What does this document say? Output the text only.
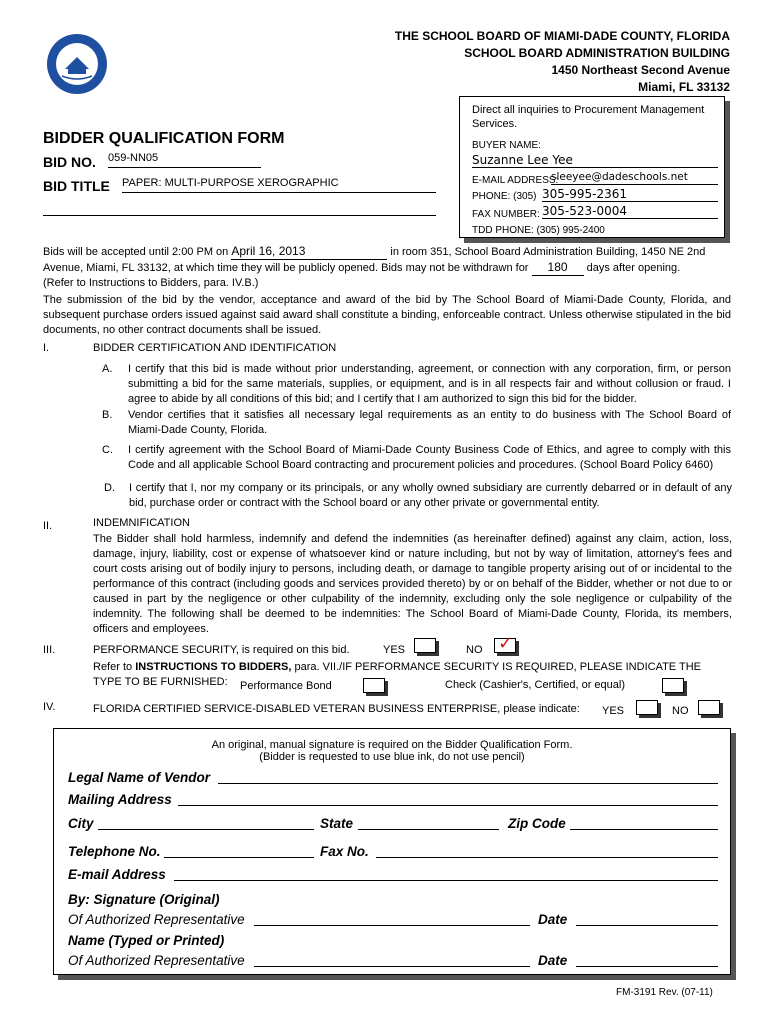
THE SCHOOL BOARD OF MIAMI-DADE COUNTY, FLORIDA
SCHOOL BOARD ADMINISTRATION BUILDING
1450 Northeast Second Avenue
Miami, FL 33132
BIDDER QUALIFICATION FORM
BID NO. 059-NN05
BID TITLE PAPER: MULTI-PURPOSE XEROGRAPHIC
Direct all inquiries to Procurement Management Services.
BUYER NAME:
Suzanne Lee Yee
E-MAIL ADDRESS:
sleeyee@dadeschools.net
PHONE: (305) 305-995-2361
FAX NUMBER: 305-523-0004
TDD PHONE: (305) 995-2400
Bids will be accepted until 2:00 PM on April 16, 2013	in room 351, School Board Administration Building, 1450 NE 2nd
Avenue, Miami, FL 33132, at which time they will be publicly opened. Bids may not be withdrawn for 180 days after opening.
(Refer to Instructions to Bidders, para. IV.B.)
The submission of the bid by the vendor, acceptance and award of the bid by The School Board of Miami-Dade County, Florida, and subsequent purchase orders issued against said award shall constitute a binding, enforceable contract. Unless otherwise stipulated in the bid documents, no other contract documents shall be issued.
I.	BIDDER CERTIFICATION AND IDENTIFICATION
A. I certify that this bid is made without prior understanding, agreement, or connection with any corporation, firm, or person submitting a bid for the same materials, supplies, or equipment, and is in all respects fair and without collusion or fraud. I agree to abide by all conditions of this bid; and I certify that I am authorized to sign this bid for the bidder.
B. Vendor certifies that it satisfies all necessary legal requirements as an entity to do business with The School Board of Miami-Dade County, Florida.
C. I certify agreement with the School Board of Miami-Dade County Business Code of Ethics, and agree to comply with this Code and all applicable School Board contracting and procurement policies and procedures. (School Board Policy 6460)
D. I certify that I, nor my company or its principals, or any wholly owned subsidiary are currently debarred or in default of any bid, purchase order or contract with the School board or any other private or governmental entity.
II.	INDEMNIFICATION
The Bidder shall hold harmless, indemnify and defend the indemnities (as hereinafter defined) against any claim, action, loss, damage, injury, liability, cost or expense of whatsoever kind or nature including, but not by way of limitation, attorney's fees and court costs arising out of bodily injury to persons, including death, or damage to tangible property arising out of or incidental to the performance of this contract (including goods and services provided thereto) by or on behalf of the Bidder, whether or not due to or caused in part by the negligence or other culpability of the indemnity, excluding only the sole negligence or culpability of the indemnity. The following shall be deemed to be indemnities: The School Board of Miami-Dade County, Florida, its members, officers and employees.
III.	PERFORMANCE SECURITY, is required on this bid.	YES	NO ✓
Refer to INSTRUCTIONS TO BIDDERS, para. VII./IF PERFORMANCE SECURITY IS REQUIRED, PLEASE INDICATE THE
TYPE TO BE FURNISHED: Performance Bond	Check (Cashier's, Certified, or equal)
IV.	FLORIDA CERTIFIED SERVICE-DISABLED VETERAN BUSINESS ENTERPRISE, please indicate: YES	NO
An original, manual signature is required on the Bidder Qualification Form.
(Bidder is requested to use blue ink, do not use pencil)
Legal Name of Vendor
Mailing Address
City	State	Zip Code
Telephone No.	Fax No.
E-mail Address
By: Signature (Original)
Of Authorized Representative	Date
Name (Typed or Printed)
Of Authorized Representative	Date
FM-3191 Rev. (07-11)
